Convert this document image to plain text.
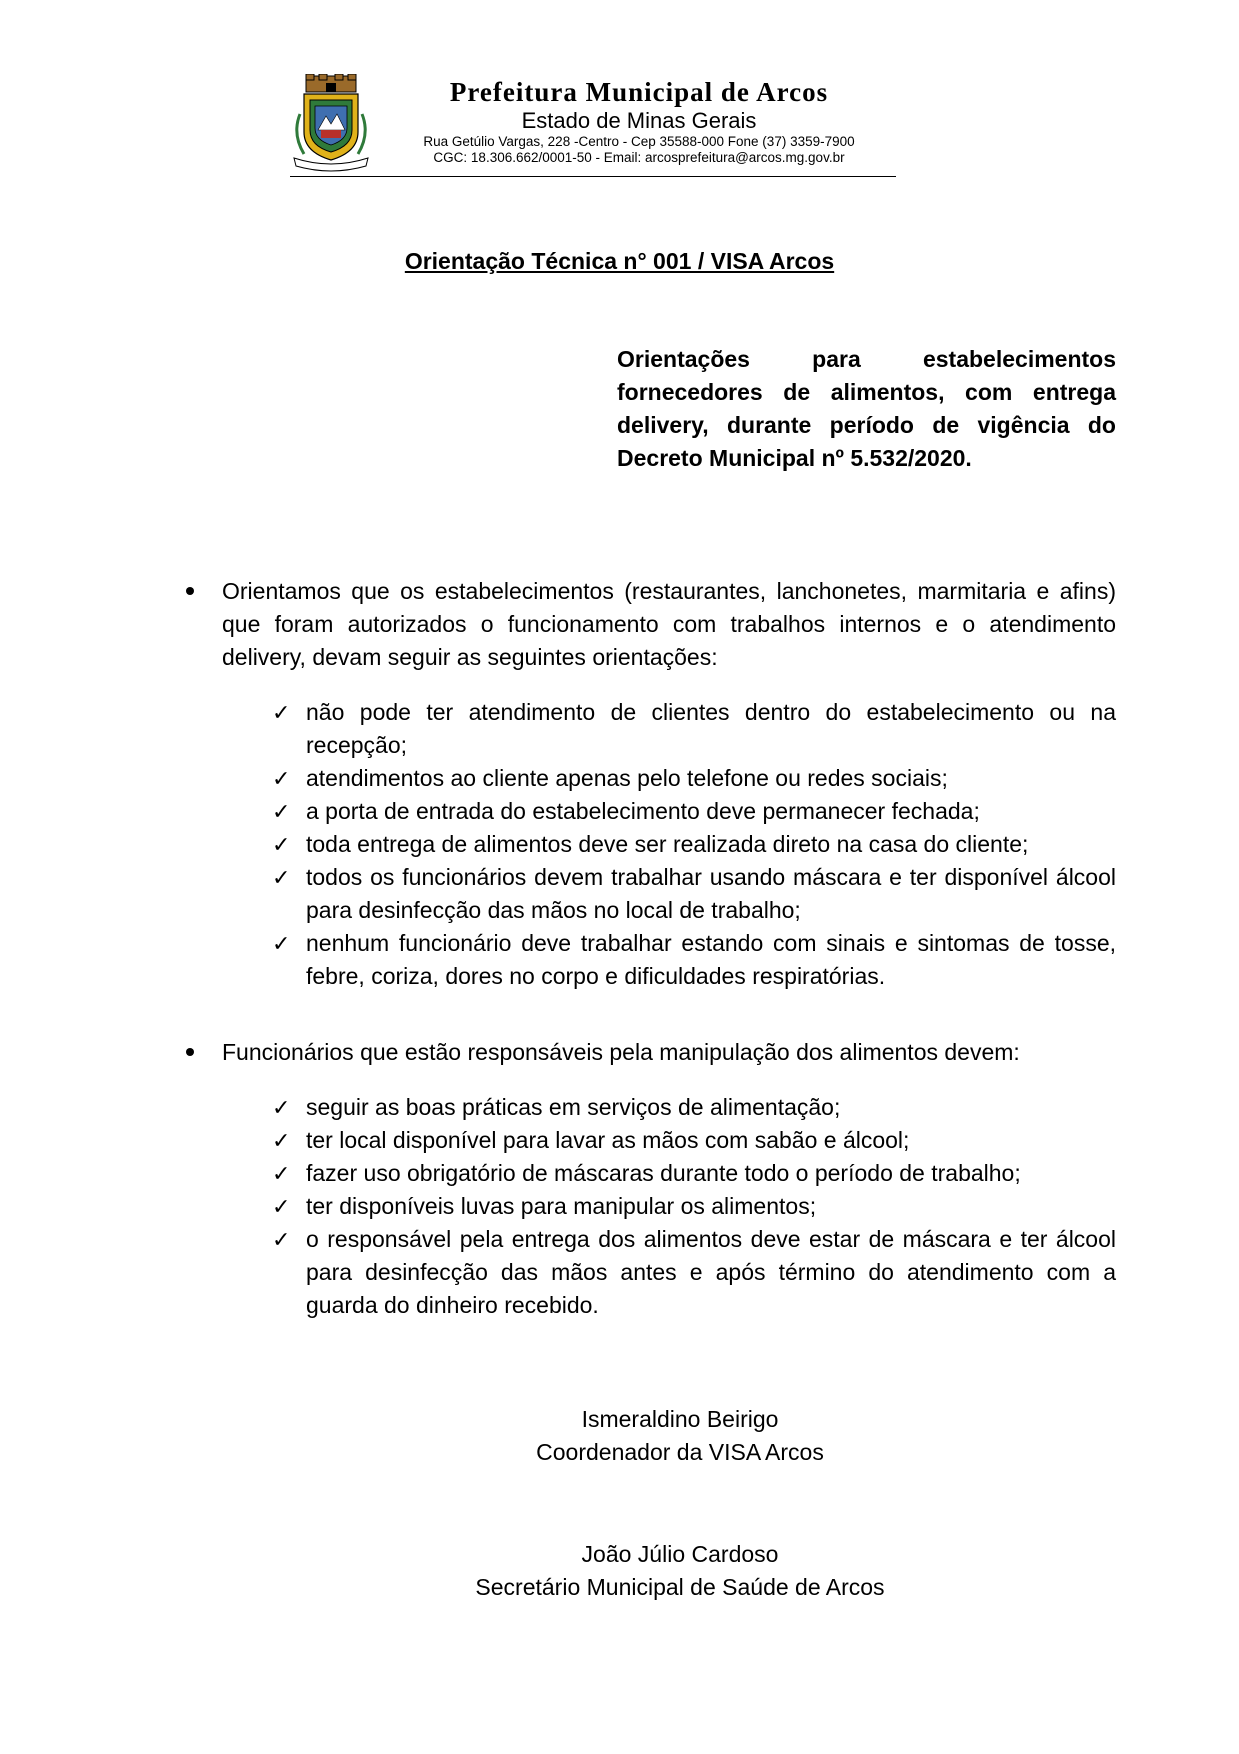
Prefeitura Municipal de Arcos
Estado de Minas Gerais
Rua Getúlio Vargas, 228 -Centro - Cep 35588-000 Fone (37) 3359-7900
CGC: 18.306.662/0001-50 - Email: arcosprefeitura@arcos.mg.gov.br
Orientação Técnica n° 001 / VISA Arcos
Orientações para estabelecimentos fornecedores de alimentos, com entrega delivery, durante período de vigência do Decreto Municipal nº 5.532/2020.
Orientamos que os estabelecimentos (restaurantes, lanchonetes, marmitaria e afins) que foram autorizados o funcionamento com trabalhos internos e o atendimento delivery, devam seguir as seguintes orientações:
✓ não pode ter atendimento de clientes dentro do estabelecimento ou na recepção;
✓ atendimentos ao cliente apenas pelo telefone ou redes sociais;
✓ a porta de entrada do estabelecimento deve permanecer fechada;
✓ toda entrega de alimentos deve ser realizada direto na casa do cliente;
✓ todos os funcionários devem trabalhar usando máscara e ter disponível álcool para desinfecção das mãos no local de trabalho;
✓ nenhum funcionário deve trabalhar estando com sinais e sintomas de tosse, febre, coriza, dores no corpo e dificuldades respiratórias.
Funcionários que estão responsáveis pela manipulação dos alimentos devem:
✓ seguir as boas práticas em serviços de alimentação;
✓ ter local disponível para lavar as mãos com sabão e álcool;
✓ fazer uso obrigatório de máscaras durante todo o período de trabalho;
✓ ter disponíveis luvas para manipular os alimentos;
✓ o responsável pela entrega dos alimentos deve estar de máscara e ter álcool para desinfecção das mãos antes e após término do atendimento com a guarda do dinheiro recebido.
Ismeraldino Beirigo
Coordenador da VISA Arcos
João Júlio Cardoso
Secretário Municipal de Saúde de Arcos
